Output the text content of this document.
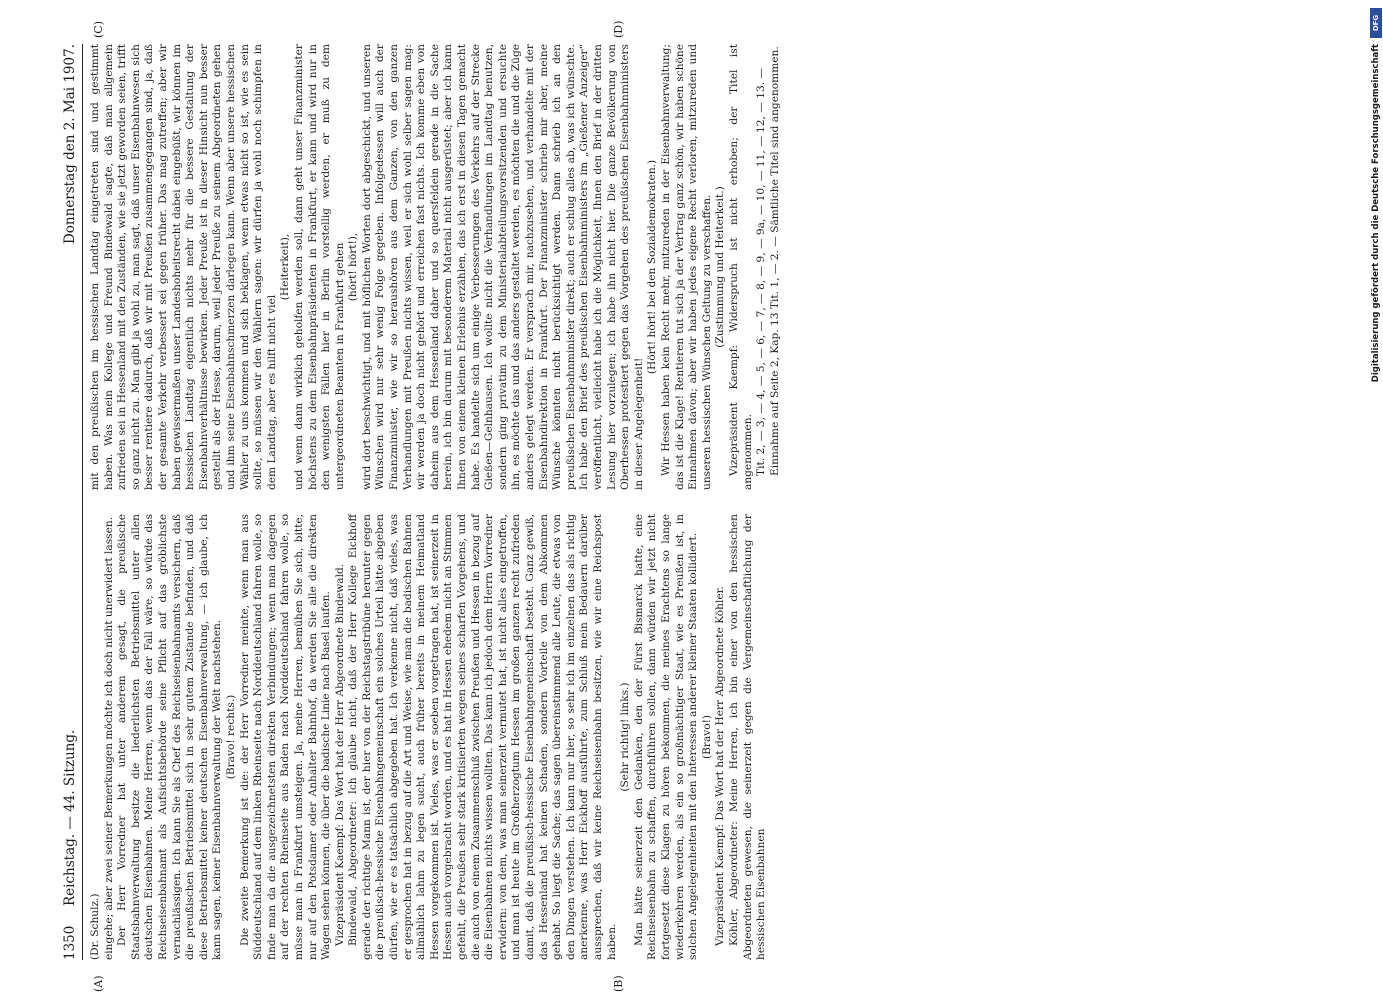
1350
Reichstag. — 44. Sitzung.
Donnerstag den 2. Mai 1907.
(A)	(B)
(C)	(D)

(Dr. Schulz.) eingehe; aber zwei seiner Bemerkungen möchte ich doch nicht unerwidert lassen. Der Herr Vorredner hat unter anderem gesagt, die preußische Staatsbahnverwaltung besitze die liederlichsten Betriebsmittel unter allen deutschen Eisenbahnen. Meine Herren, wenn das der Fall wäre, so würde das Reichseisenbahnamt als Aufsichtsbehörde seine Pflicht auf das gröblichste vernachlässigen. Ich kann Sie als Chef des Reichseisenbahnamts versichern, daß die preußischen Betriebsmittel sich in sehr gutem Zustande befinden, und daß diese Betriebsmittel keiner deutschen Eisenbahnverwaltung, — ich glaube, ich kann sagen, keiner Eisenbahnverwaltung der Welt nachstehen. (Bravo! rechts.) Die zweite Bemerkung ist die: der Herr Vorredner meinte, wenn man aus Süddeutschland auf dem linken Rheinseite nach Norddeutschland fahren wolle, so finde man da die ausgezeichnetsten direkten Verbindungen; wenn man dagegen auf der rechten Rheinseite aus Baden nach Norddeutschland fahren wolle, so müsse man in Frankfurt umsteigen. Ja, meine Herren, bemühen Sie sich, bitte, nur auf den Potsdamer oder Anhalter Bahnhof, da werden Sie alle die direkten Wagen sehen können, die über die badische Linie nach Basel laufen. Vizepräsident Kaempf: Das Wort hat der Herr Abgeordnete Bindewald. Bindewald, Abgeordneter: Ich glaube nicht, daß der Herr Kollege Eickhoff gerade der richtige Mann ist, der hier von der Reichstagstribüne herunter gegen die preußisch-hessische Eisenbahngemeinschaft ein solches Urteil hätte abgeben dürfen, wie er es tatsächlich abgegeben hat. Ich verkenne nicht, daß vieles, was er gesprochen hat in bezug auf die Art und Weise, wie man die badischen Bahnen allmählich lahm zu legen sucht, auch früher bereits in meinem Heimatland Hessen vorgekommen ist. Vieles, was er soeben vorgetragen hat, ist seinerzeit in Hessen auch vorgebracht worden, und es hat in Hessen ehedem nicht an Stimmen gefehlt, die Preußen sehr stark kritisierten wegen seines scharfen Vorgehens, und die auch von einem Zusammenschluß zwischen Preußen und Hessen in bezug auf die Eisenbahnen nichts wissen wollten. Das kann ich jedoch dem Herrn Vorredner erwidern: von dem, was man seinerzeit vermutet hat, ist nicht alles eingetroffen, und man ist heute im Großherzogtum Hessen im großen ganzen recht zufrieden damit, daß die preußisch-hessische Eisenbahngemeinschaft besteht. Ganz gewiß, das Hessenland hat keinen Schaden, sondern Vorteile von dem Abkommen gehabt. So liegt die Sache; das sagen übereinstimmend alle Leute, die etwas von den Dingen verstehen. Ich kann nur hier, so sehr ich im einzelnen das als richtig anerkenne, was Herr Eickhoff ausführte, zum Schluß mein Bedauern darüber aussprechen, daß wir keine Reichseisenbahn besitzen, wie wir eine Reichspost haben.

(Sehr richtig! links.) Man hätte seinerzeit den Gedanken, den der Fürst Bismarck hatte, eine Reichseisenbahn zu schaffen, durchführen sollen, dann würden wir jetzt nicht fortgesetzt diese Klagen zu hören bekommen, die meines Erachtens so lange wiederkehren werden, als ein so großmächtiger Staat, wie es Preußen ist, in solchen Angelegenheiten mit den Interessen anderer kleiner Staaten kollidiert. (Bravo!) Vizepräsident Kaempf: Das Wort hat der Herr Abgeordnete Köhler. Köhler, Abgeordneter: Meine Herren, ich bin einer von den hessischen Abgeordneten gewesen, die seinerzeit gegen die Vergemeinschaftlichung der hessischen Eisenbahnen

mit den preußischen im hessischen Landtag eingetreten sind und gestimmt haben. Was mein Kollege und Freund Bindewald sagte, daß man allgemein zufrieden sei in Hessenland mit den Zuständen, wie sie jetzt geworden seien, trifft so ganz nicht zu. Man gibt ja wohl zu, man sagt, daß unser Eisenbahnwesen sich besser rentiere dadurch, daß wir mit Preußen zusammengegangen sind, ja, daß der gesamte Verkehr verbessert sei gegen früher. Das mag zutreffen; aber wir haben gewissermaßen unser Landeshoheitsrecht dabei eingebüßt, wir können im hessischen Landtag eigentlich nichts mehr für die bessere Gestaltung der Eisenbahnverhältnisse bewirken. Jeder Preuße ist in dieser Hinsicht nun besser gestellt als der Hesse, darum, weil jeder Preuße zu seinem Abgeordneten gehen und ihm seine Eisenbahnschmerzen darlegen kann. Wenn aber unsere hessischen Wähler zu uns kommen und sich beklagen, wenn etwas nicht so ist, wie es sein sollte, so müssen wir den Wählern sagen: wir dürfen ja wohl noch schimpfen in dem Landtag, aber es hilft nicht viel

(Heiterkeit), und wenn dann wirklich geholfen werden soll, dann geht unser Finanzminister höchstens zu dem Eisenbahnpräsidenten in Frankfurt, er kann und wird nur in den wenigsten Fällen hier in Berlin vorstellig werden, er muß zu dem untergeordneten Beamten in Frankfurt gehen (hört! hört!), wird dort beschwichtigt, und mit höflichen Worten dort abgeschickt, und unseren Wünschen wird nur sehr wenig Folge gegeben. Infolgedessen will auch der Finanzminister, wie wir so heraushören aus dem Ganzen, von den ganzen Verhandlungen mit Preußen nichts wissen, weil er sich wohl selber sagen mag: wir werden ja doch nicht gehört und erreichen fast nichts. Ich komme eben von daheim aus dem Hessenland daher und so quersfeldein gerade in die Sache herein, ich bin darum mit besonderem Material nicht ausgerüstet; aber ich kann Ihnen von einem kleinen Erlebnis erzählen, das ich erst in diesen Tagen gemacht habe. Es handelte sich um einige Verbesserungen des Verkehrs auf der Strecke Gießen—Gelnhausen. Ich wollte nicht die Verhandlungen im Landtag benutzen, sondern ging privatim zu dem Ministerialabteilungsvorsitzenden und ersuchte ihn, es möchte das und das anders gestaltet werden, es möchten die und die Züge anders gelegt werden. Er versprach mir, nachzusehen, und verhandelte mit der Eisenbahndirektion in Frankfurt. Der Finanzminister schrieb mir aber, meine Wünsche könnten nicht berücksichtigt werden. Dann schrieb ich an den preußischen Eisenbahnminister direkt; auch er schlug alles ab, was ich wünschte. Ich habe den Brief des preußischen Eisenbahnministers im „Gießener Anzeiger“ veröffentlicht, vielleicht habe ich die Möglichkeit, Ihnen den Brief in der dritten Lesung hier vorzulegen; ich habe ihn nicht hier. Die ganze Bevölkerung von Oberhessen protestiert gegen das Vorgehen des preußischen Eisenbahnministers in dieser Angelegenheit!

(Hört! hört! bei den Sozialdemokraten.) Wir Hessen haben kein Recht mehr, mitzureden in der Eisenbahnverwaltung; das ist die Klage! Rentieren tut sich ja der Vertrag ganz schön, wir haben schöne Einnahmen davon; aber wir haben jedes eigene Recht verloren, mitzureden und unseren hessischen Wünschen Geltung zu verschaffen. (Zustimmung und Heiterkeit.) Vizepräsident Kaempf: Widerspruch ist nicht erhoben; der Titel ist angenommen. Tit. 2, — 3, — 4, — 5, — 6, — 7, — 8, — 9, — 9a, — 10, — 11, — 12, — 13. — Einnahme auf Seite 2, Kap. 13 Tit. 1, — 2. — Sämtliche Titel sind angenommen.

DFG
Digitalisierung gefördert durch die Deutsche Forschungsgemeinschaft
